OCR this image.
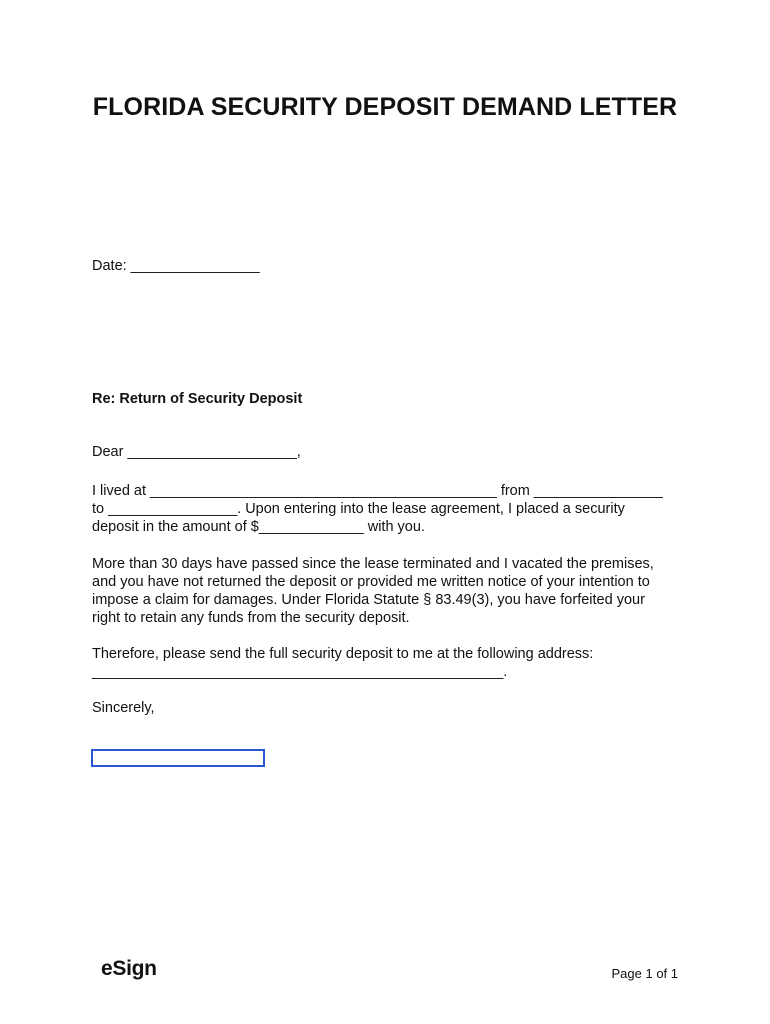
FLORIDA SECURITY DEPOSIT DEMAND LETTER
Date: ________________
Re: Return of Security Deposit
Dear _____________________,
I lived at ___________________________________________ from ________________
to ________________. Upon entering into the lease agreement, I placed a security
deposit in the amount of $_____________ with you.
More than 30 days have passed since the lease terminated and I vacated the premises,
and you have not returned the deposit or provided me written notice of your intention to
impose a claim for damages. Under Florida Statute § 83.49(3), you have forfeited your
right to retain any funds from the security deposit.
Therefore, please send the full security deposit to me at the following address:
___________________________________________________.
Sincerely,
eSign	Page 1 of 1
